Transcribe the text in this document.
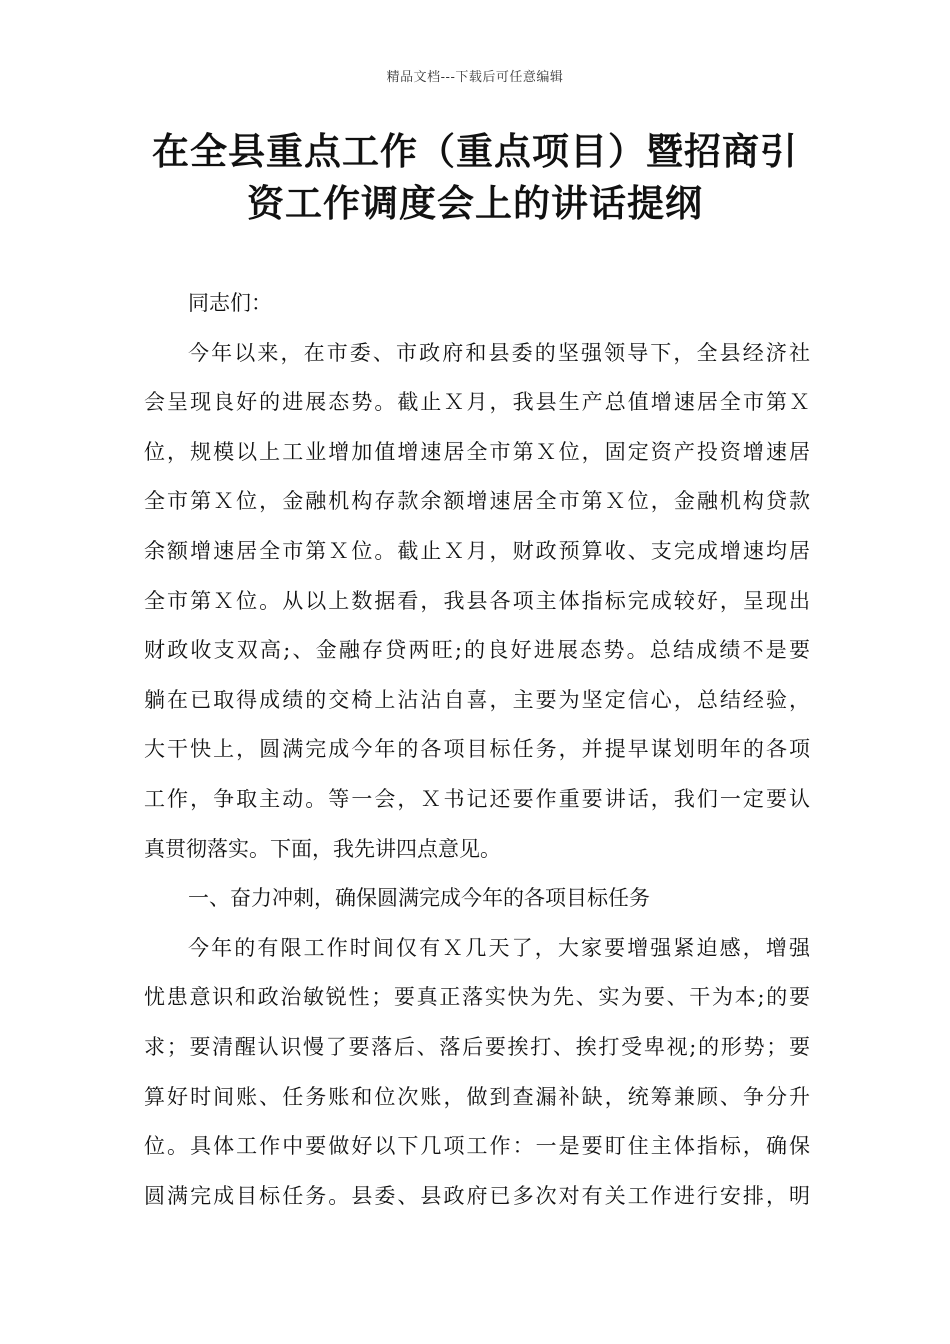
精品文档---下载后可任意编辑
在全县重点工作（重点项目）暨招商引
资工作调度会上的讲话提纲
同志们：
今年以来，在市委、市政府和县委的坚强领导下，全县经济社
会呈现良好的进展态势。截止Ｘ月，我县生产总值增速居全市第Ｘ
位，规模以上工业增加值增速居全市第Ｘ位，固定资产投资增速居
全市第Ｘ位，金融机构存款余额增速居全市第Ｘ位，金融机构贷款
余额增速居全市第Ｘ位。截止Ｘ月，财政预算收、支完成增速均居
全市第Ｘ位。从以上数据看，我县各项主体指标完成较好，呈现出
财政收支双高;、金融存贷两旺;的良好进展态势。总结成绩不是要
躺在已取得成绩的交椅上沾沾自喜，主要为坚定信心，总结经验，
大干快上，圆满完成今年的各项目标任务，并提早谋划明年的各项
工作，争取主动。等一会，Ｘ书记还要作重要讲话，我们一定要认
真贯彻落实。下面，我先讲四点意见。
一、奋力冲刺，确保圆满完成今年的各项目标任务
今年的有限工作时间仅有Ｘ几天了，大家要增强紧迫感，增强
忧患意识和政治敏锐性；要真正落实快为先、实为要、干为本;的要
求；要清醒认识慢了要落后、落后要挨打、挨打受卑视;的形势；要
算好时间账、任务账和位次账，做到查漏补缺，统筹兼顾、争分升
位。具体工作中要做好以下几项工作：一是要盯住主体指标，确保
圆满完成目标任务。县委、县政府已多次对有关工作进行安排，明
